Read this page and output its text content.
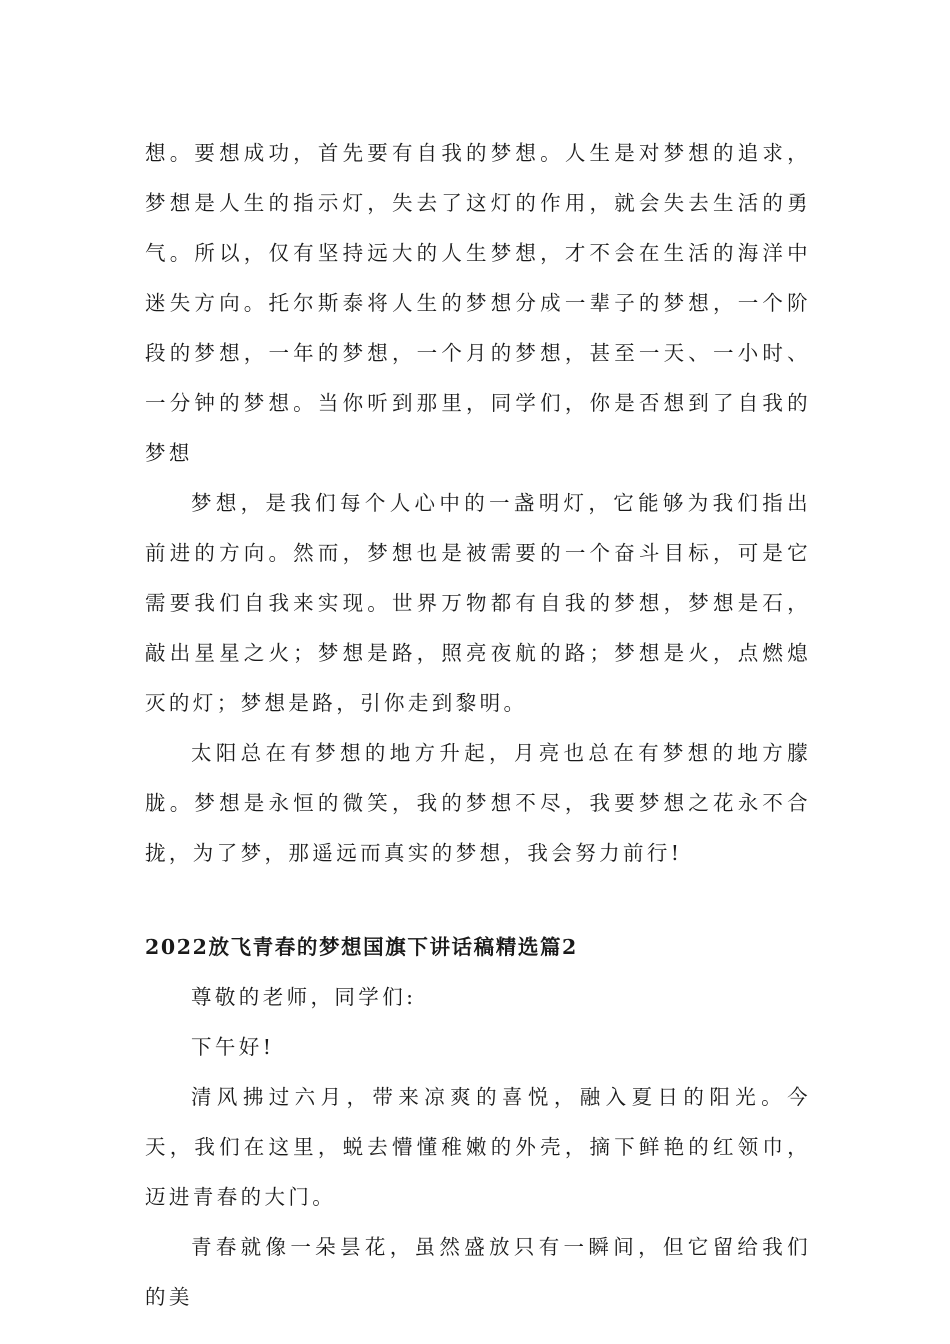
想。要想成功，首先要有自我的梦想。人生是对梦想的追求，梦想是人生的指示灯，失去了这灯的作用，就会失去生活的勇气。所以，仅有坚持远大的人生梦想，才不会在生活的海洋中迷失方向。托尔斯泰将人生的梦想分成一辈子的梦想，一个阶段的梦想，一年的梦想，一个月的梦想，甚至一天、一小时、一分钟的梦想。当你听到那里，同学们，你是否想到了自我的梦想

梦想，是我们每个人心中的一盏明灯，它能够为我们指出前进的方向。然而，梦想也是被需要的一个奋斗目标，可是它需要我们自我来实现。世界万物都有自我的梦想，梦想是石，敲出星星之火；梦想是路，照亮夜航的路；梦想是火，点燃熄灭的灯；梦想是路，引你走到黎明。

太阳总在有梦想的地方升起，月亮也总在有梦想的地方朦胧。梦想是永恒的微笑，我的梦想不尽，我要梦想之花永不合拢，为了梦，那遥远而真实的梦想，我会努力前行!

2022放飞青春的梦想国旗下讲话稿精选篇2

尊敬的老师，同学们:

下午好!

清风拂过六月，带来凉爽的喜悦，融入夏日的阳光。今天，我们在这里，蜕去懵懂稚嫩的外壳，摘下鲜艳的红领巾，迈进青春的大门。

青春就像一朵昙花，虽然盛放只有一瞬间，但它留给我们的美
